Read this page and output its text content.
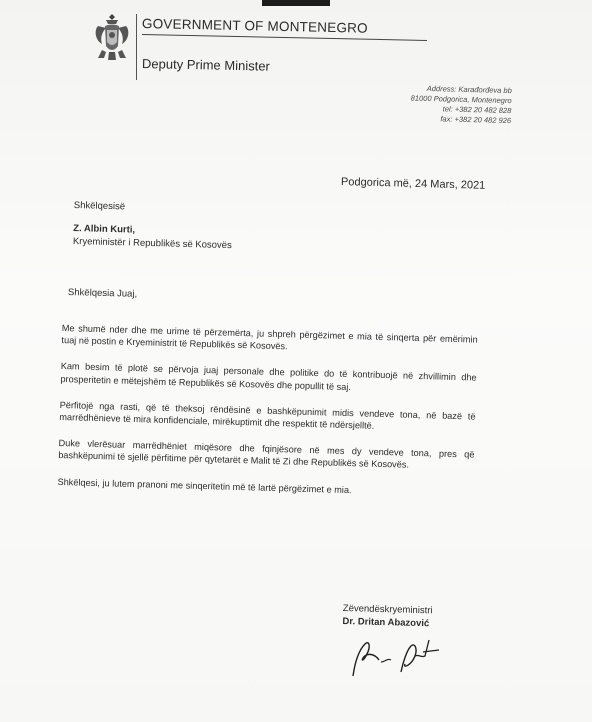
GOVERNMENT OF MONTENEGRO
Deputy Prime Minister
Address: Karađorđeva bb
81000 Podgorica, Montenegro
tel: +382 20 482 828
fax: +382 20 482 926
Podgorica më, 24 Mars, 2021
Shkëlqesisë
Z. Albin Kurti,
Kryeministër i Republikës së Kosovës
Shkëlqesia Juaj,

Me shumë nder dhe me urime të përzemërta, ju shpreh përgëzimet e mia të sinqerta për emërimin tuaj në postin e Kryeministrit të Republikës së Kosovës.

Kam besim të plotë se përvoja juaj personale dhe politike do të kontribuojë në zhvillimin dhe prosperitetin e mëtejshëm të Republikës së Kosovës dhe popullit të saj.

Përfitojë nga rasti, që të theksoj rëndësinë e bashkëpunimit midis vendeve tona, në bazë të marrëdhënieve të mira konfidenciale, mirëkuptimit dhe respektit të ndërsjelltë.

Duke vlerësuar marrëdhëniet miqësore dhe fqinjësore në mes dy vendeve tona, pres që bashkëpunimi të sjellë përfitime për qytetarët e Malit të Zi dhe Republikës së Kosovës.

Shkëlqesi, ju lutem pranoni me sinqeritetin më të lartë përgëzimet e mia.

Zëvendëskryeministri
Dr. Dritan Abazović
